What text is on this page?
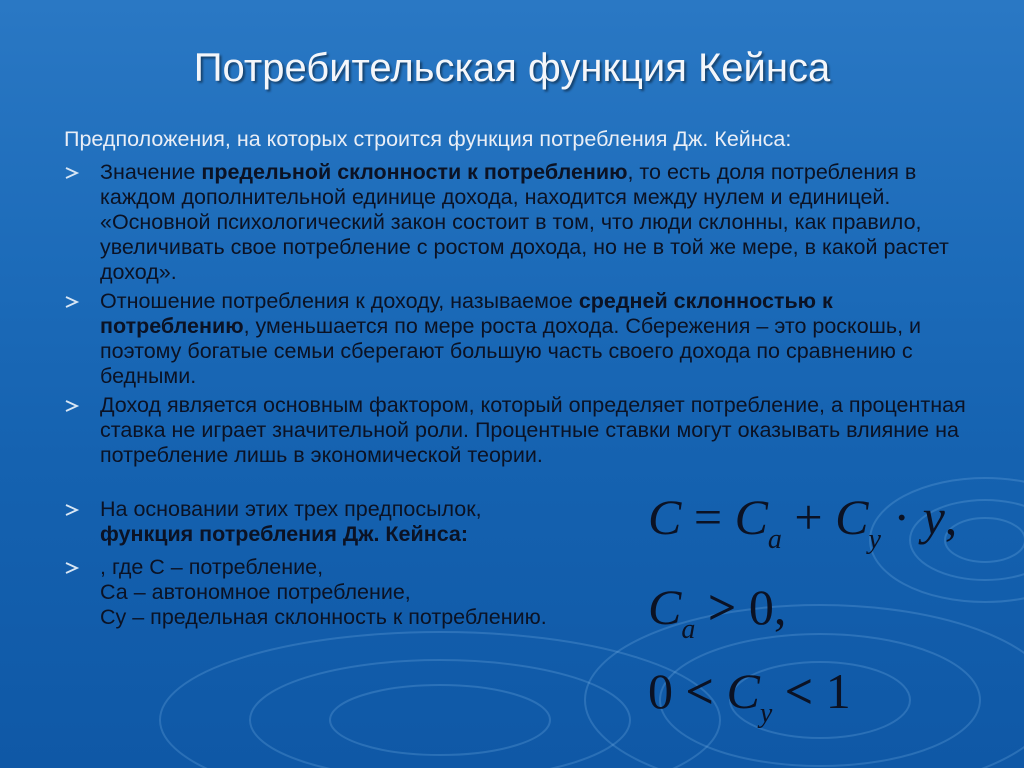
Потребительская функция Кейнса
Предположения, на которых строится функция потребления Дж. Кейнса:
Значение предельной склонности к потреблению, то есть доля потребления в каждом дополнительной единице дохода, находится между нулем и единицей. «Основной психологический закон состоит в том, что люди склонны, как правило, увеличивать свое потребление с ростом дохода, но не в той же мере, в какой растет доход».
Отношение потребления к доходу, называемое средней склонностью к потреблению, уменьшается по мере роста дохода. Сбережения – это роскошь, и поэтому богатые семьи сберегают большую часть своего дохода по сравнению с бедными.
Доход является основным фактором, который определяет потребление, а процентная ставка не играет значительной роли. Процентные ставки могут оказывать влияние на потребление лишь в экономической теории.
На основании этих трех предпосылок,
функция потребления Дж. Кейнса:
, где С – потребление,
Са – автономное потребление,
Су – предельная склонность к потреблению.
$C = C_a + C_y \cdot y$,
$C_a > 0$,
$0 < C_y < 1$
